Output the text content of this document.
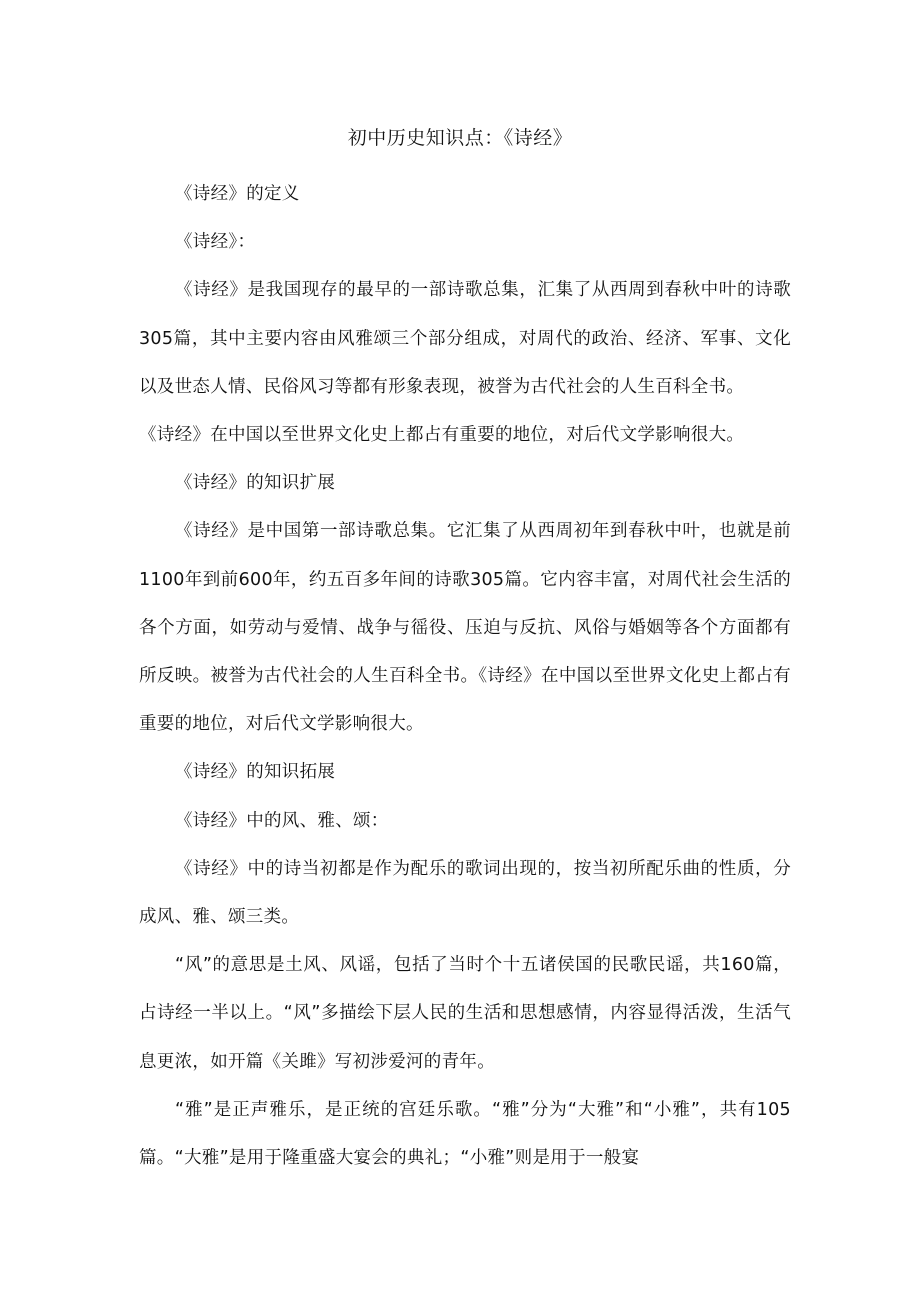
初中历史知识点：《诗经》

《诗经》的定义

《诗经》：

《诗经》是我国现存的最早的一部诗歌总集，汇集了从西周到春秋中叶的诗歌305篇，其中主要内容由风雅颂三个部分组成，对周代的政治、经济、军事、文化以及世态人情、民俗风习等都有形象表现，被誉为古代社会的人生百科全书。

《诗经》在中国以至世界文化史上都占有重要的地位，对后代文学影响很大。

《诗经》的知识扩展

《诗经》是中国第一部诗歌总集。它汇集了从西周初年到春秋中叶，也就是前1100年到前600年，约五百多年间的诗歌305篇。它内容丰富，对周代社会生活的各个方面，如劳动与爱情、战争与徭役、压迫与反抗、风俗与婚姻等各个方面都有所反映。被誉为古代社会的人生百科全书。《诗经》在中国以至世界文化史上都占有重要的地位，对后代文学影响很大。

《诗经》的知识拓展

《诗经》中的风、雅、颂：

《诗经》中的诗当初都是作为配乐的歌词出现的，按当初所配乐曲的性质，分成风、雅、颂三类。

“风”的意思是土风、风谣，包括了当时个十五诸侯国的民歌民谣，共160篇，占诗经一半以上。“风”多描绘下层人民的生活和思想感情，内容显得活泼，生活气息更浓，如开篇《关雎》写初涉爱河的青年。

“雅”是正声雅乐，是正统的宫廷乐歌。“雅”分为“大雅”和“小雅”，共有105篇。“大雅”是用于隆重盛大宴会的典礼；“小雅”则是用于一般宴
